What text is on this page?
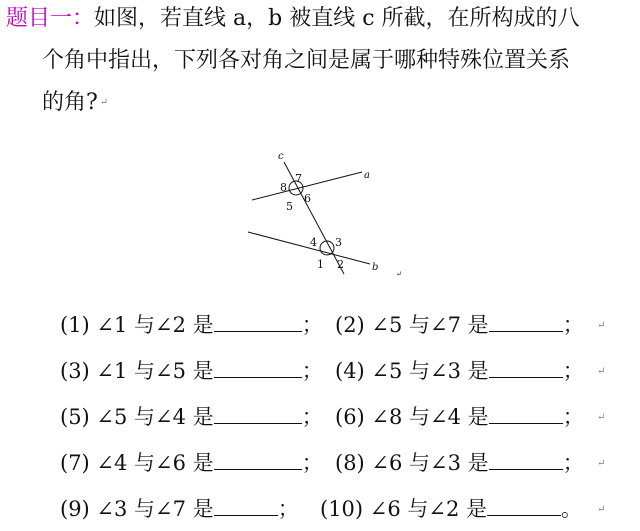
题目一：如图，若直线 a，b 被直线 c 所截，在所构成的八
个角中指出，下列各对角之间是属于哪种特殊位置关系
的角? ↵
c
a
b
7
8
5
6
4 3
1 2
↵
(1) ∠1 与∠2 是	； (2) ∠5 与∠7 是	； ↵
(3) ∠1 与∠5 是	； (4) ∠5 与∠3 是	； ↵
(5) ∠5 与∠4 是	； (6) ∠8 与∠4 是	； ↵
(7) ∠4 与∠6 是	； (8) ∠6 与∠3 是	； ↵
(9) ∠3 与∠7 是	； (10) ∠6 与∠2 是	。 ↵
